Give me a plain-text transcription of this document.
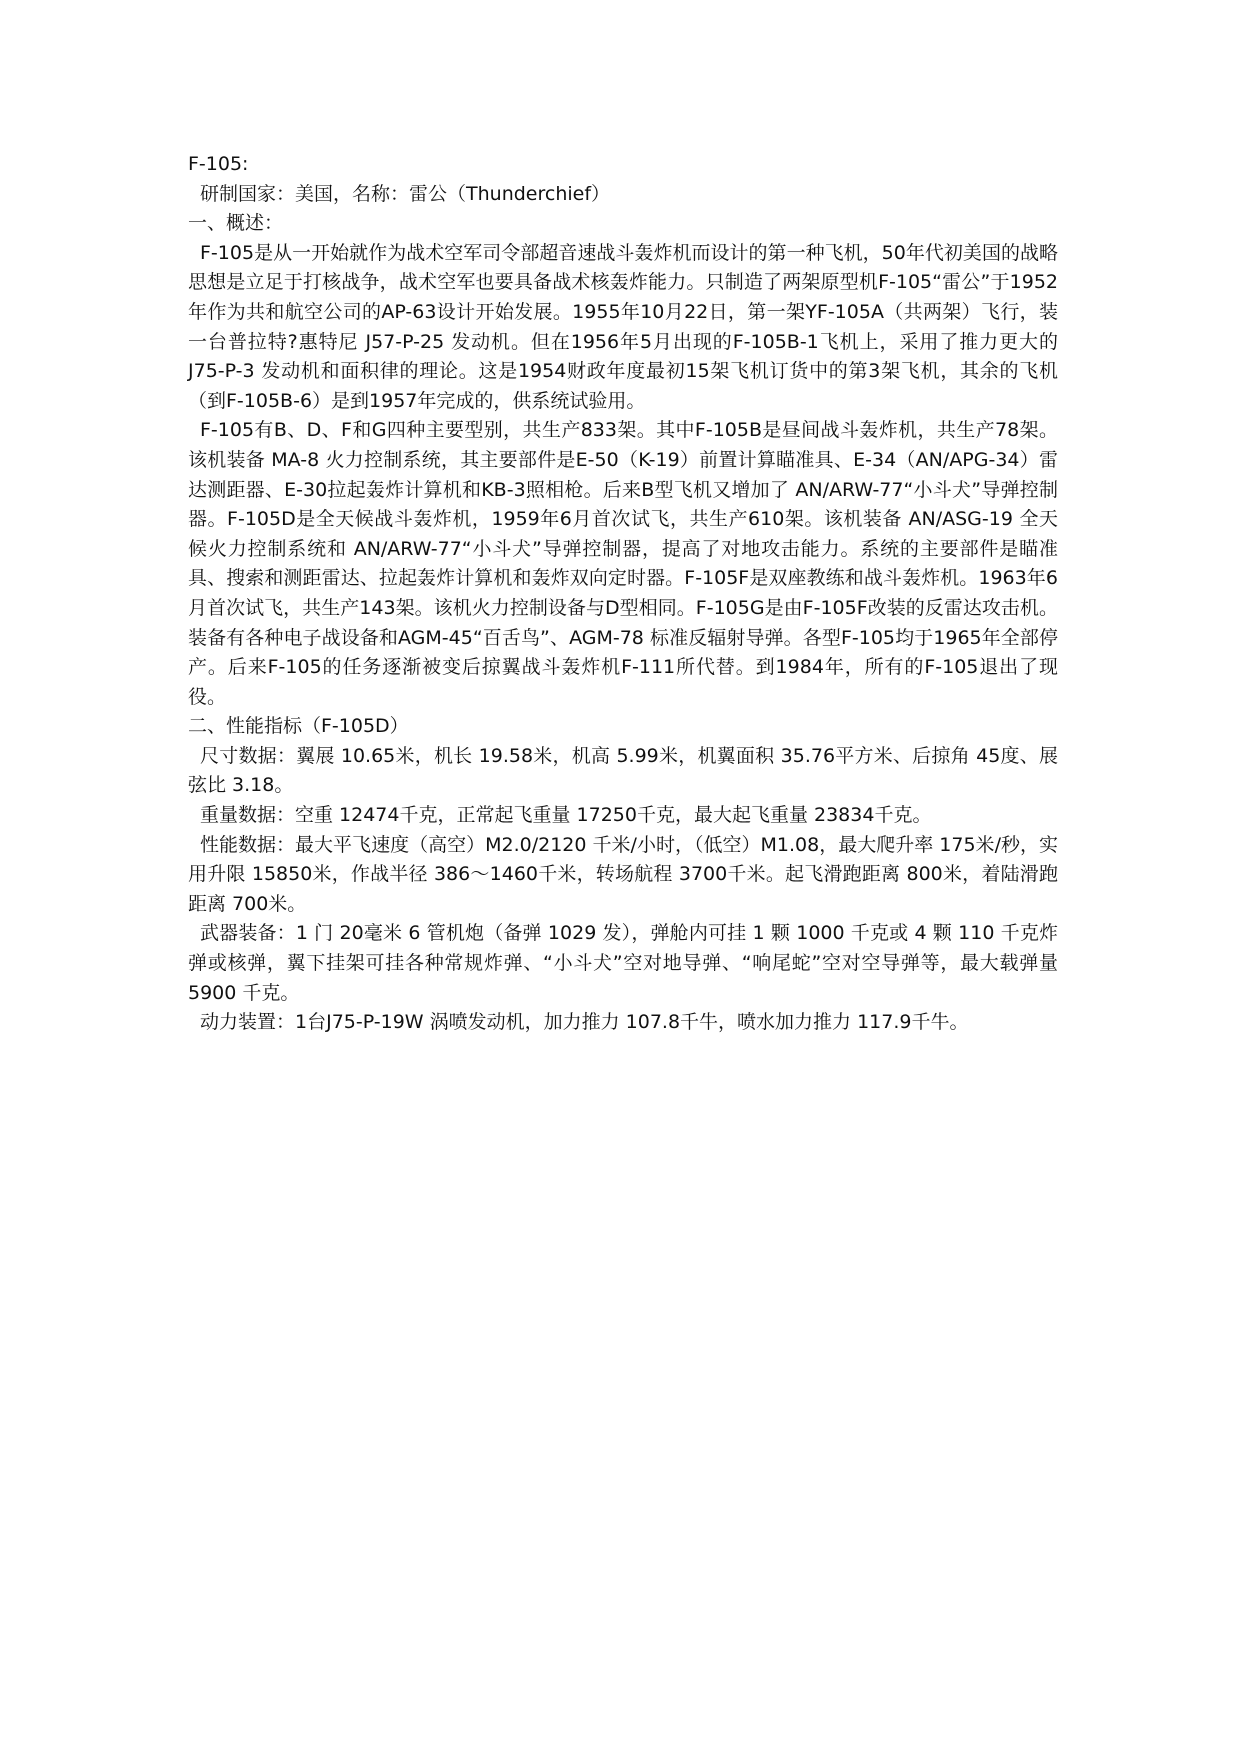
F-105:

研制国家：美国，名称：雷公（Thunderchief）

一、概述：

F-105是从一开始就作为战术空军司令部超音速战斗轰炸机而设计的第一种飞机，50年代初美国的战略思想是立足于打核战争，战术空军也要具备战术核轰炸能力。只制造了两架原型机F-105“雷公”于1952年作为共和航空公司的AP-63设计开始发展。1955年10月22日，第一架YF-105A（共两架）飞行，装一台普拉特?惠特尼 J57-P-25 发动机。但在1956年5月出现的F-105B-1飞机上，采用了推力更大的 J75-P-3 发动机和面积律的理论。这是1954财政年度最初15架飞机订货中的第3架飞机，其余的飞机（到F-105B-6）是到1957年完成的，供系统试验用。

F-105有B、D、F和G四种主要型别，共生产833架。其中F-105B是昼间战斗轰炸机，共生产78架。该机装备 MA-8 火力控制系统，其主要部件是E-50（K-19）前置计算瞄准具、E-34（AN/APG-34）雷达测距器、E-30拉起轰炸计算机和KB-3照相枪。后来B型飞机又增加了 AN/ARW-77“小斗犬”导弹控制器。F-105D是全天候战斗轰炸机，1959年6月首次试飞，共生产610架。该机装备 AN/ASG-19 全天候火力控制系统和 AN/ARW-77“小斗犬”导弹控制器，提高了对地攻击能力。系统的主要部件是瞄准具、搜索和测距雷达、拉起轰炸计算机和轰炸双向定时器。F-105F是双座教练和战斗轰炸机。1963年6月首次试飞，共生产143架。该机火力控制设备与D型相同。F-105G是由F-105F改装的反雷达攻击机。装备有各种电子战设备和AGM-45“百舌鸟”、AGM-78 标准反辐射导弹。各型F-105均于1965年全部停产。后来F-105的任务逐渐被变后掠翼战斗轰炸机F-111所代替。到1984年，所有的F-105退出了现役。

二、性能指标（F-105D）

尺寸数据：翼展 10.65米，机长 19.58米，机高 5.99米，机翼面积 35.76平方米、后掠角 45度、展弦比 3.18。

重量数据：空重 12474千克，正常起飞重量 17250千克，最大起飞重量 23834千克。

性能数据：最大平飞速度（高空）M2.0/2120 千米/小时，（低空）M1.08，最大爬升率 175米/秒，实用升限 15850米，作战半径 386～1460千米，转场航程 3700千米。起飞滑跑距离 800米，着陆滑跑距离 700米。

武器装备：1 门 20毫米 6 管机炮（备弹 1029 发），弹舱内可挂 1 颗 1000 千克或 4 颗 110 千克炸弹或核弹，翼下挂架可挂各种常规炸弹、“小斗犬”空对地导弹、“响尾蛇”空对空导弹等，最大载弹量 5900 千克。

动力装置：1台J75-P-19W 涡喷发动机，加力推力 107.8千牛，喷水加力推力 117.9千牛。
